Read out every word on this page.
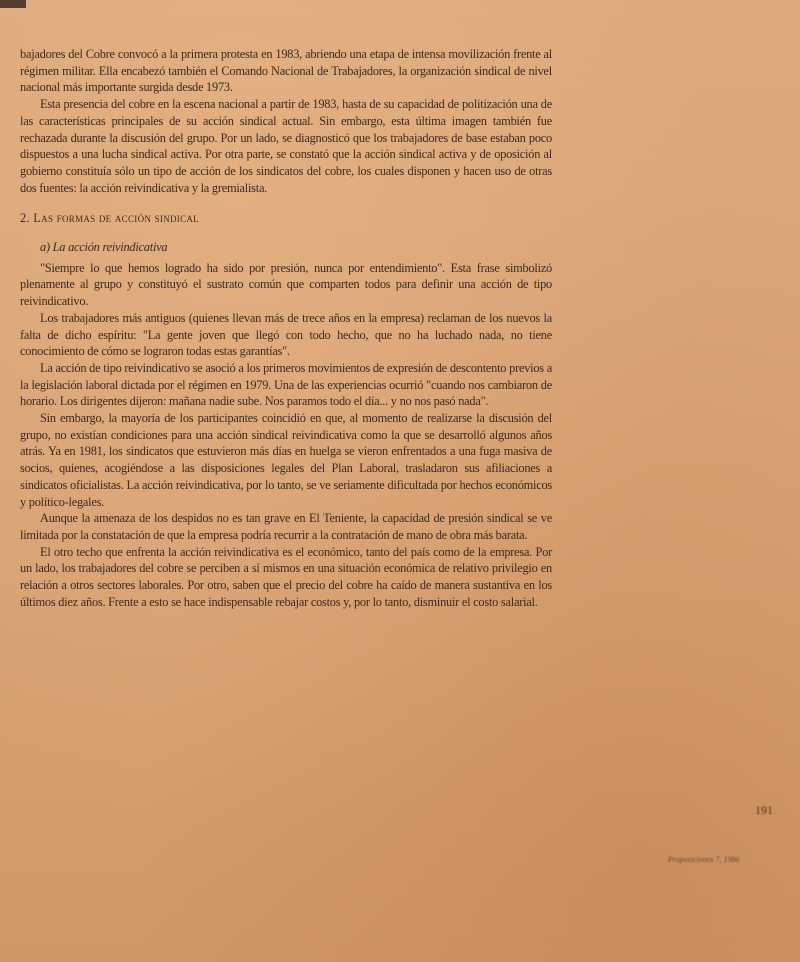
bajadores del Cobre convocó a la primera protesta en 1983, abriendo una etapa de intensa movilización frente al régimen militar. Ella encabezó también el Comando Nacional de Trabajadores, la organización sindical de nivel nacional más importante surgida desde 1973.

Esta presencia del cobre en la escena nacional a partir de 1983, hasta de su capacidad de politización una de las características principales de su acción sindical actual. Sin embargo, esta última imagen también fue rechazada durante la discusión del grupo. Por un lado, se diagnosticó que los trabajadores de base estaban poco dispuestos a una lucha sindical activa. Por otra parte, se constató que la acción sindical activa y de oposición al gobierno constituía sólo un tipo de acción de los sindicatos del cobre, los cuales disponen y hacen uso de otras dos fuentes: la acción reivindicativa y la gremialista.

2. Las formas de acción sindical
a) La acción reivindicativa

"Siempre lo que hemos logrado ha sido por presión, nunca por entendimiento". Esta frase simbolizó plenamente al grupo y constituyó el sustrato común que comparten todos para definir una acción de tipo reivindicativo.

Los trabajadores más antiguos (quienes llevan más de trece años en la empresa) reclaman de los nuevos la falta de dicho espíritu: "La gente joven que llegó con todo hecho, que no ha luchado nada, no tiene conocimiento de cómo se lograron todas estas garantías".

La acción de tipo reivindicativo se asoció a los primeros movimientos de expresión de descontento previos a la legislación laboral dictada por el régimen en 1979. Una de las experiencias ocurrió "cuando nos cambiaron de horario. Los dirigentes dijeron: mañana nadie sube. Nos paramos todo el día... y no nos pasó nada".

Sin embargo, la mayoría de los participantes coincidió en que, al momento de realizarse la discusión del grupo, no existían condiciones para una acción sindical reivindicativa como la que se desarrolló algunos años atrás. Ya en 1981, los sindicatos que estuvieron más días en huelga se vieron enfrentados a una fuga masiva de socios, quienes, acogiéndose a las disposiciones legales del Plan Laboral, trasladaron sus afiliaciones a sindicatos oficialistas. La acción reivindicativa, por lo tanto, se ve seriamente dificultada por hechos económicos y político-legales.

Aunque la amenaza de los despidos no es tan grave en El Teniente, la capacidad de presión sindical se ve limitada por la constatación de que la empresa podría recurrir a la contratación de mano de obra más barata.

El otro techo que enfrenta la acción reivindicativa es el económico, tanto del país como de la empresa. Por un lado, los trabajadores del cobre se perciben a sí mismos en una situación económica de relativo privilegio en relación a otros sectores laborales. Por otro, saben que el precio del cobre ha caído de manera sustantiva en los últimos diez años. Frente a esto se hace indispensable rebajar costos y, por lo tanto, disminuir el costo salarial.

191
Proposiciones 7, 1986
